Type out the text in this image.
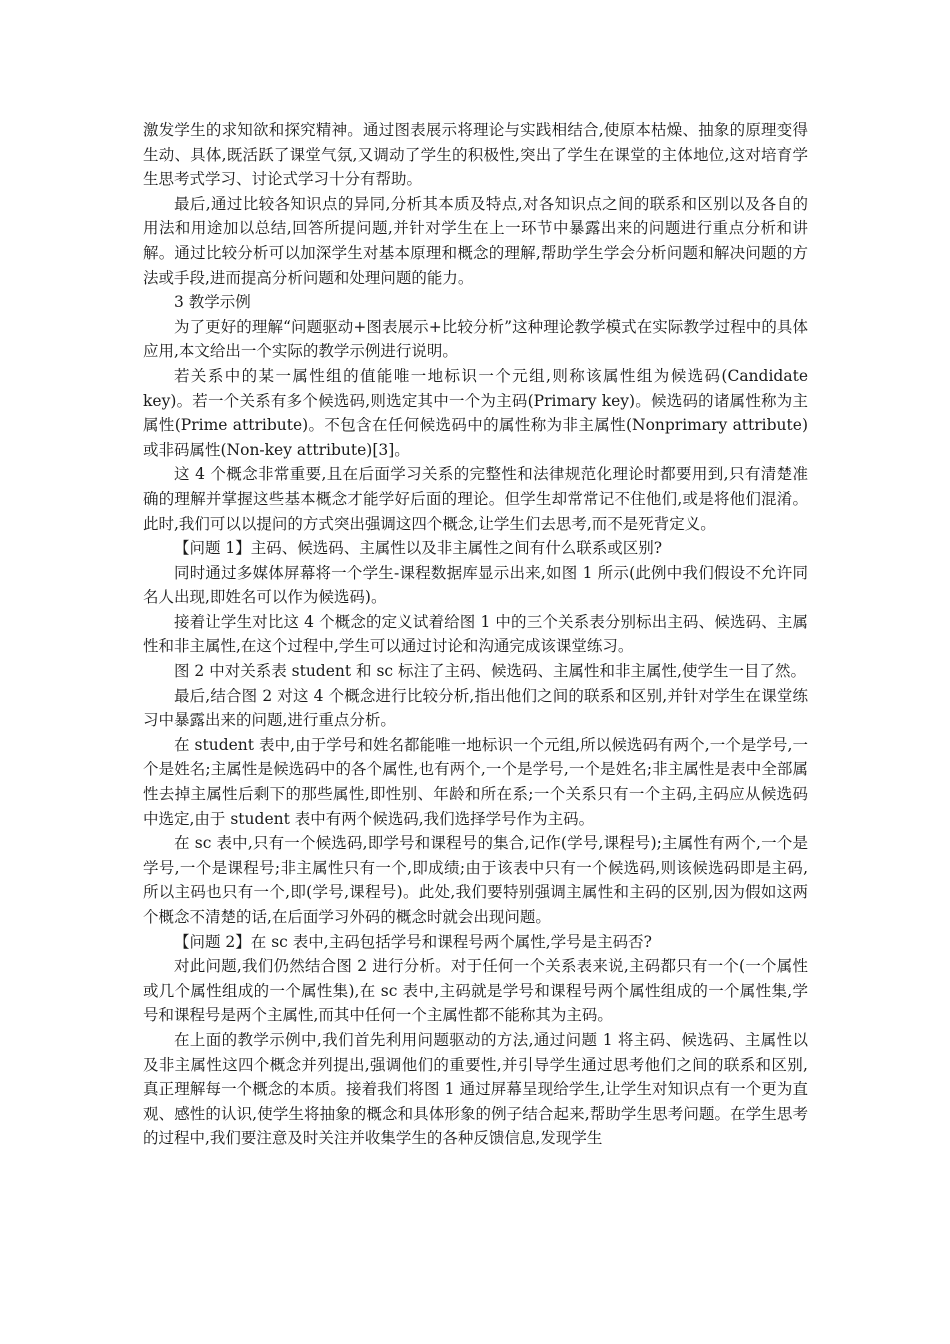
激发学生的求知欲和探究精神。通过图表展示将理论与实践相结合,使原本枯燥、抽象的原理变得生动、具体,既活跃了课堂气氛,又调动了学生的积极性,突出了学生在课堂的主体地位,这对培育学生思考式学习、讨论式学习十分有帮助。

最后,通过比较各知识点的异同,分析其本质及特点,对各知识点之间的联系和区别以及各自的用法和用途加以总结,回答所提问题,并针对学生在上一环节中暴露出来的问题进行重点分析和讲解。通过比较分析可以加深学生对基本原理和概念的理解,帮助学生学会分析问题和解决问题的方法或手段,进而提高分析问题和处理问题的能力。

3 教学示例

为了更好的理解“问题驱动+图表展示+比较分析”这种理论教学模式在实际教学过程中的具体应用,本文给出一个实际的教学示例进行说明。

若关系中的某一属性组的值能唯一地标识一个元组,则称该属性组为候选码(Candidate key)。若一个关系有多个候选码,则选定其中一个为主码(Primary key)。候选码的诸属性称为主属性(Prime attribute)。不包含在任何候选码中的属性称为非主属性(Nonprimary attribute)或非码属性(Non-key attribute)[3]。

这 4 个概念非常重要,且在后面学习关系的完整性和法律规范化理论时都要用到,只有清楚准确的理解并掌握这些基本概念才能学好后面的理论。但学生却常常记不住他们,或是将他们混淆。此时,我们可以以提问的方式突出强调这四个概念,让学生们去思考,而不是死背定义。

【问题 1】主码、候选码、主属性以及非主属性之间有什么联系或区别?

同时通过多媒体屏幕将一个学生-课程数据库显示出来,如图 1 所示(此例中我们假设不允许同名人出现,即姓名可以作为候选码)。

接着让学生对比这 4 个概念的定义试着给图 1 中的三个关系表分别标出主码、候选码、主属性和非主属性,在这个过程中,学生可以通过讨论和沟通完成该课堂练习。

图 2 中对关系表 student 和 sc 标注了主码、候选码、主属性和非主属性,使学生一目了然。

最后,结合图 2 对这 4 个概念进行比较分析,指出他们之间的联系和区别,并针对学生在课堂练习中暴露出来的问题,进行重点分析。

在 student 表中,由于学号和姓名都能唯一地标识一个元组,所以候选码有两个,一个是学号,一个是姓名;主属性是候选码中的各个属性,也有两个,一个是学号,一个是姓名;非主属性是表中全部属性去掉主属性后剩下的那些属性,即性别、年龄和所在系;一个关系只有一个主码,主码应从候选码中选定,由于 student 表中有两个候选码,我们选择学号作为主码。

在 sc 表中,只有一个候选码,即学号和课程号的集合,记作(学号,课程号);主属性有两个,一个是学号,一个是课程号;非主属性只有一个,即成绩;由于该表中只有一个候选码,则该候选码即是主码,所以主码也只有一个,即(学号,课程号)。此处,我们要特别强调主属性和主码的区别,因为假如这两个概念不清楚的话,在后面学习外码的概念时就会出现问题。

【问题 2】在 sc 表中,主码包括学号和课程号两个属性,学号是主码否?

对此问题,我们仍然结合图 2 进行分析。对于任何一个关系表来说,主码都只有一个(一个属性或几个属性组成的一个属性集),在 sc 表中,主码就是学号和课程号两个属性组成的一个属性集,学号和课程号是两个主属性,而其中任何一个主属性都不能称其为主码。

在上面的教学示例中,我们首先利用问题驱动的方法,通过问题 1 将主码、候选码、主属性以及非主属性这四个概念并列提出,强调他们的重要性,并引导学生通过思考他们之间的联系和区别,真正理解每一个概念的本质。接着我们将图 1 通过屏幕呈现给学生,让学生对知识点有一个更为直观、感性的认识,使学生将抽象的概念和具体形象的例子结合起来,帮助学生思考问题。在学生思考的过程中,我们要注意及时关注并收集学生的各种反馈信息,发现学生
